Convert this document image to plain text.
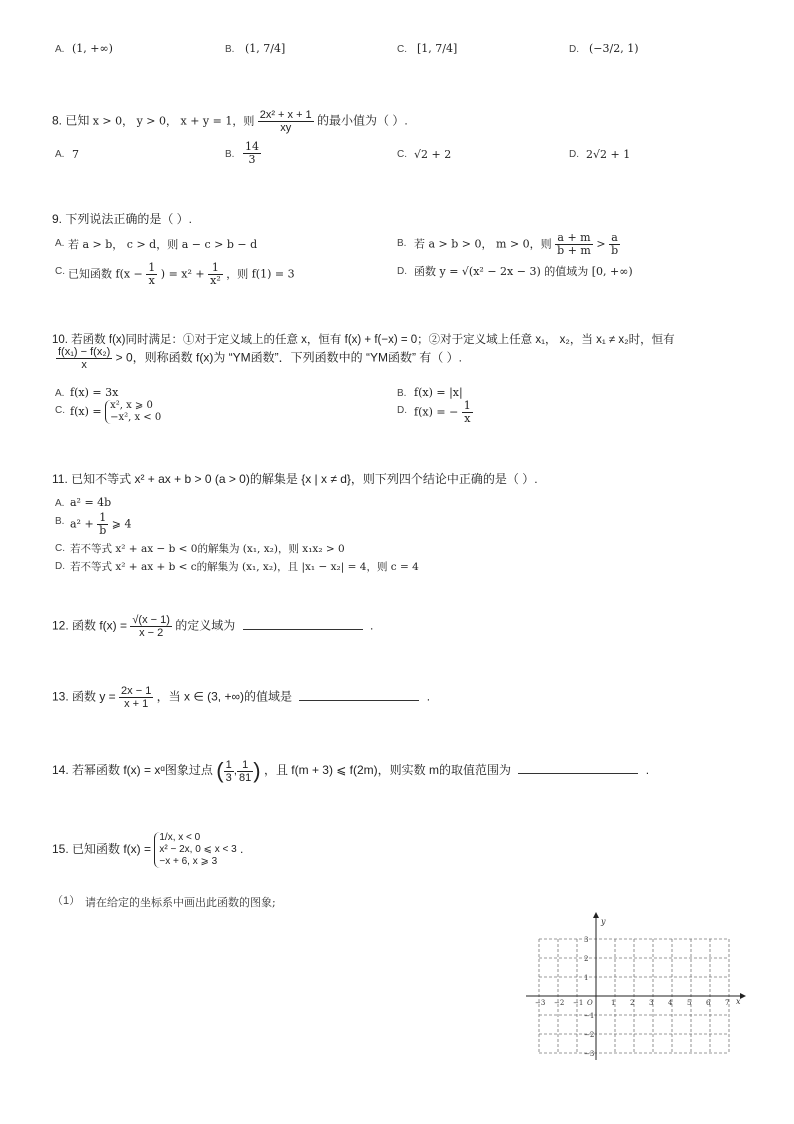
A. (1, +∞)	B. (1, 7/4]	C. [1, 7/4]	D. (−3/2, 1)
8. 已知 x > 0， y > 0， x + y = 1，则 $\frac{\text{2x² + x + 1}}{xy}$ 的最小值为（ ）.
A. 7	B. $\frac{14}{3}$	C. √2 + 2	D. 2√2 + 1
9. 下列说法正确的是（ ）.
A. 若 a > b， c > d，则 a − c > b − d	B. 若 a > b > 0， m > 0，则 $\frac{a + m}{b + m} > \frac{a}{b}$
C. 已知函数 $f(x - \frac{1}{x}$ ) = $x^2 + \frac{1}{\text{x²}}$ ，则 f(1) = 3	D. 函数 y = √(x² − 2x − 3) 的值域为 [0, +∞)
10. 若函数 f(x)同时满足：①对于定义域上的任意 x，恒有 f(x) + f(−x) = 0；②对于定义域上任意 x₁， x₂，当 x₁ ≠ x₂时，恒有
$\frac{\text{f(x₁) − f(x₂)}}{x} > 0$，则称函数 f(x)为 “YM函数”．下列函数中的 “YM函数” 有（ ）.
A. f(x) = 3x	B. f(x) = |x|
C. f(x) = x², x ⩾ 0
−x², x < 0
D. f(x) = − $\frac{1}{x}$
11. 已知不等式 x² + ax + b > 0 (a > 0)的解集是 {x | x ≠ d}，则下列四个结论中正确的是（ ）.
A. a² = 4b
B. $a^2 + \frac{1}{b}$ ⩾ 4
C. 若不等式 x² + ax − b < 0的解集为 (x₁, x₂)，则 x₁x₂ > 0
D. 若不等式 x² + ax + b < c的解集为 (x₁, x₂)，且 |x₁ − x₂| = 4，则 c = 4
12. 函数 $f(x) = \frac{√(x - 1)}{x - 2}$ 的定义域为	.
13. 函数 $y = \frac{2x - 1}{x + 1}$ ，当 x ∈ (3, +∞)的值域是	.
14. 若幂函数 f(x) = xᵅ图象过点 ( $\frac{1}{3}$ , $\frac{1}{81}$ ) ，且 f(m + 3) ⩽ f(2m)，则实数 m的取值范围为	.
15. 已知函数 f(x) =
1/x, x < 0
x² − 2x, 0 ⩽ x < 3
−x + 6, x ⩾ 3
.
（1） 请在给定的坐标系中画出此函数的图象;
−3 −2 −1 O	1 2 3 4 5 6 7
3
2
1
−1
−2
−3
x
y
